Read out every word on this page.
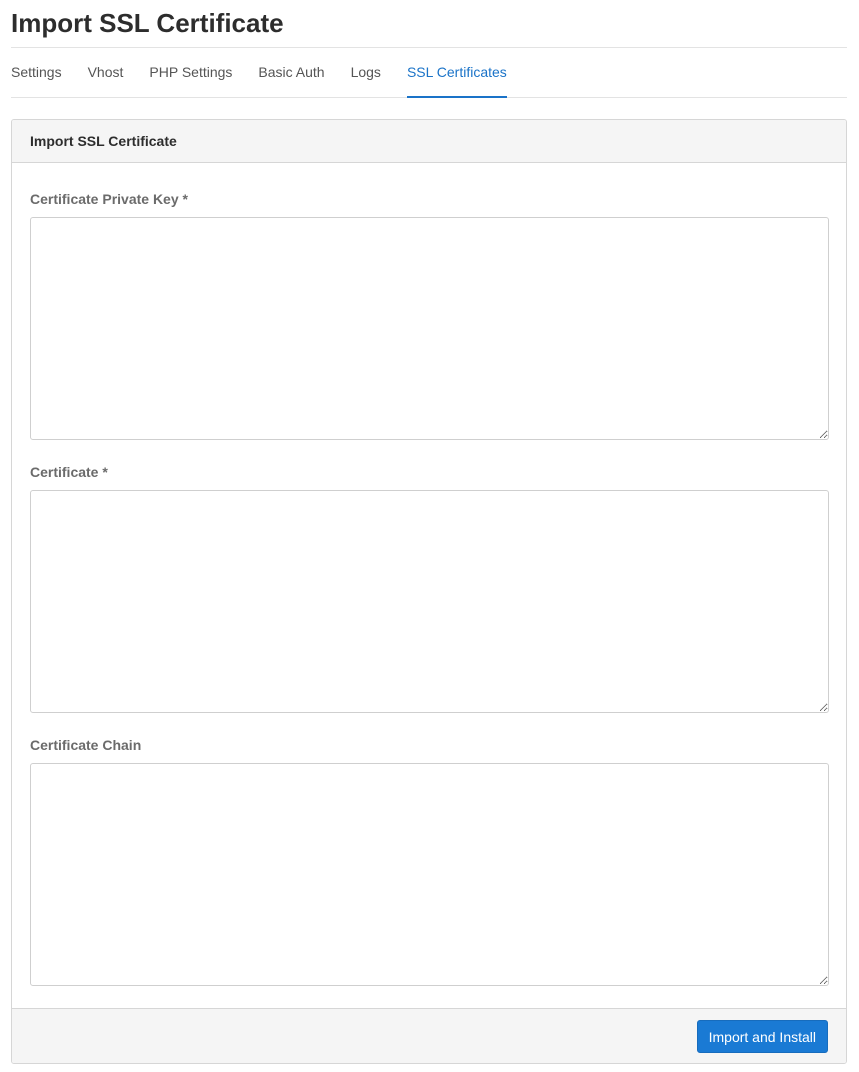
Import SSL Certificate
Settings Vhost PHP Settings Basic Auth Logs SSL Certificates
Import SSL Certificate
Certificate Private Key *
Certificate *
Certificate Chain
Import and Install
